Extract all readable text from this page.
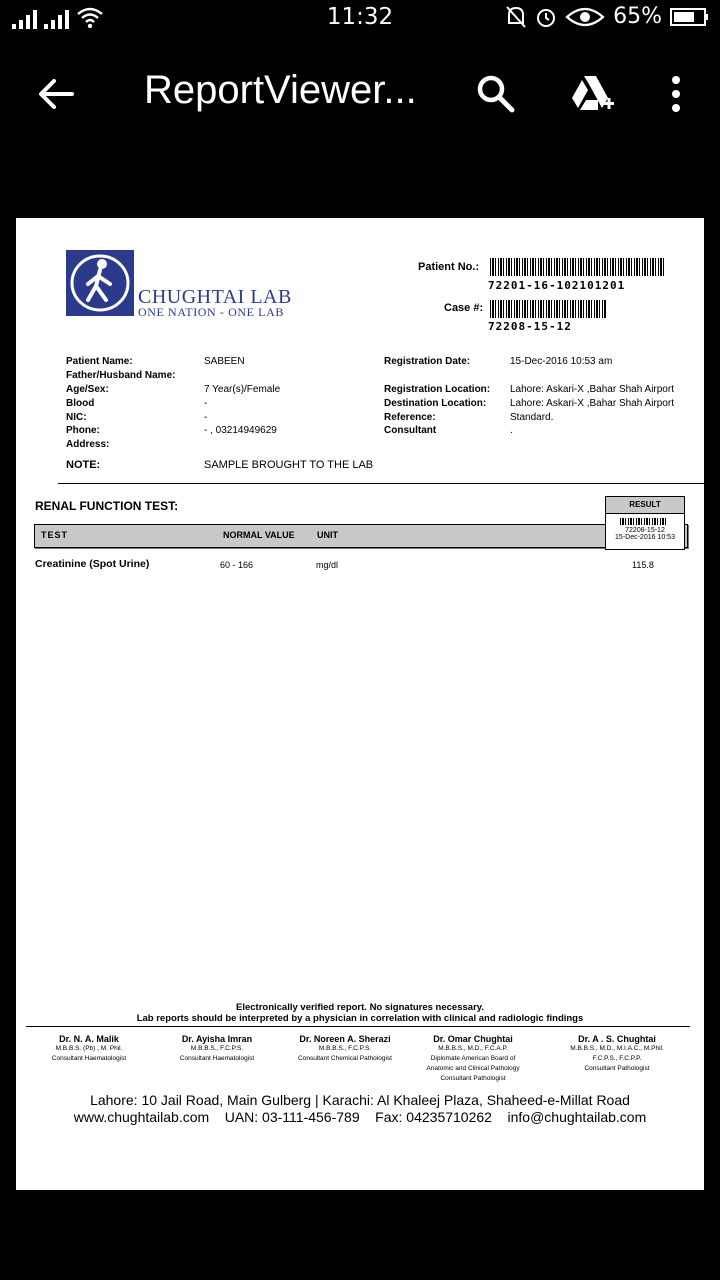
11:32	65%
ReportViewer...
CHUGHTAI LAB
ONE NATION - ONE LAB
Patient No.:
72201-16-102101201
Case #:
72208-15-12
Patient Name:	SABEEN
Father/Husband Name:
Age/Sex:	7 Year(s)/Female
Blood	-
NIC:	-
Phone:	- , 03214949629
Address:
Registration Date:	15-Dec-2016 10:53 am
Registration Location: Lahore: Askari-X ,Bahar Shah Airport
Destination Location: Lahore: Askari-X ,Bahar Shah Airport
Reference:	Standard.
Consultant	.
NOTE:	SAMPLE BROUGHT TO THE LAB
RENAL FUNCTION TEST:
TEST	NORMAL VALUE UNIT
RESULT
72208-15-12
15-Dec-2016 10:53
Creatinine (Spot Urine)	60 - 166	mg/dl	115.8
Electronically verified report. No signatures necessary.
Lab reports should be interpreted by a physician in correlation with clinical and radiologic findings
Dr. N. A. Malik
M.B.B.S. (Pb) , M. Phil.
Consultant Haematologist
Dr. Ayisha Imran
M.B.B.S., F.C.P.S.
Consultant Haematologist
Dr. Noreen A. Sherazi
M.B.B.S., F.C.P.S.
Consultant Chemical Pathologist
Dr. Omar Chughtai
M.B.B.S., M.D., F.C.A.P.
Diplomate American Board of
Anatomic and Clinical Pathology
Consultant Pathologist
Dr. A . S. Chughtai
M.B.B.S., M.D., M.I.A.C., M.Phil.
F.C.P.S., F.C.P.P.
Consultant Pathologist
Lahore: 10 Jail Road, Main Gulberg | Karachi: Al Khaleej Plaza, Shaheed-e-Millat Road
www.chughtailab.com    UAN: 03-111-456-789    Fax: 04235710262    info@chughtailab.com
